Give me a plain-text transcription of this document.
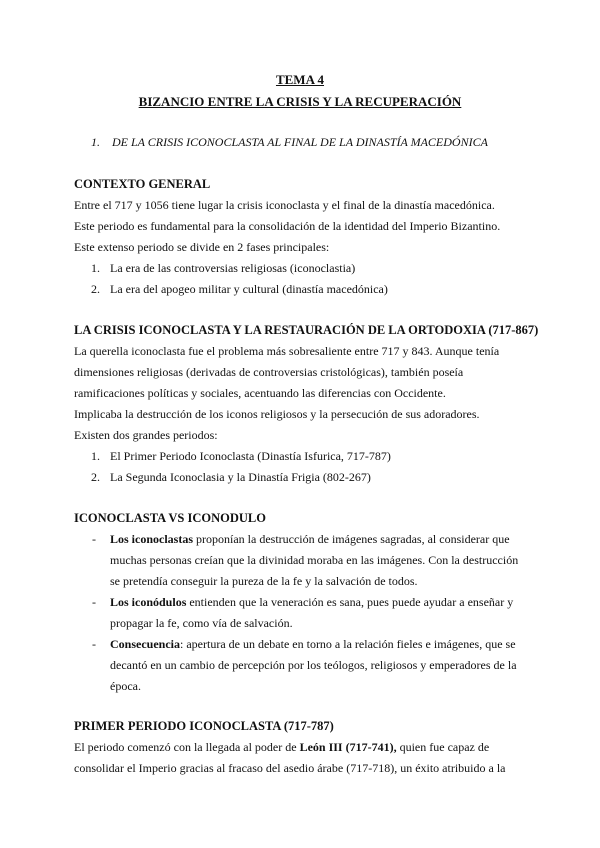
TEMA 4
BIZANCIO ENTRE LA CRISIS Y LA RECUPERACIÓN
1. DE LA CRISIS ICONOCLASTA AL FINAL DE LA DINASTÍA MACEDÓNICA
CONTEXTO GENERAL
Entre el 717 y 1056 tiene lugar la crisis iconoclasta y el final de la dinastía macedónica.
Este periodo es fundamental para la consolidación de la identidad del Imperio Bizantino.
Este extenso periodo se divide en 2 fases principales:
1. La era de las controversias religiosas (iconoclastia)
2. La era del apogeo militar y cultural (dinastía macedónica)
LA CRISIS ICONOCLASTA Y LA RESTAURACIÓN DE LA ORTODOXIA (717-867)
La querella iconoclasta fue el problema más sobresaliente entre 717 y 843. Aunque tenía
dimensiones religiosas (derivadas de controversias cristológicas), también poseía
ramificaciones políticas y sociales, acentuando las diferencias con Occidente.
Implicaba la destrucción de los iconos religiosos y la persecución de sus adoradores.
Existen dos grandes periodos:
1. El Primer Periodo Iconoclasta (Dinastía Isfurica, 717-787)
2. La Segunda Iconoclasia y la Dinastía Frigia (802-267)
ICONOCLASTA VS ICONODULO
- Los iconoclastas proponían la destrucción de imágenes sagradas, al considerar que
muchas personas creían que la divinidad moraba en las imágenes. Con la destrucción
se pretendía conseguir la pureza de la fe y la salvación de todos.
- Los iconódulos entienden que la veneración es sana, pues puede ayudar a enseñar y
propagar la fe, como vía de salvación.
- Consecuencia: apertura de un debate en torno a la relación fieles e imágenes, que se
decantó en un cambio de percepción por los teólogos, religiosos y emperadores de la
época.
PRIMER PERIODO ICONOCLASTA (717-787)
El periodo comenzó con la llegada al poder de León III (717-741), quien fue capaz de
consolidar el Imperio gracias al fracaso del asedio árabe (717-718), un éxito atribuido a la
